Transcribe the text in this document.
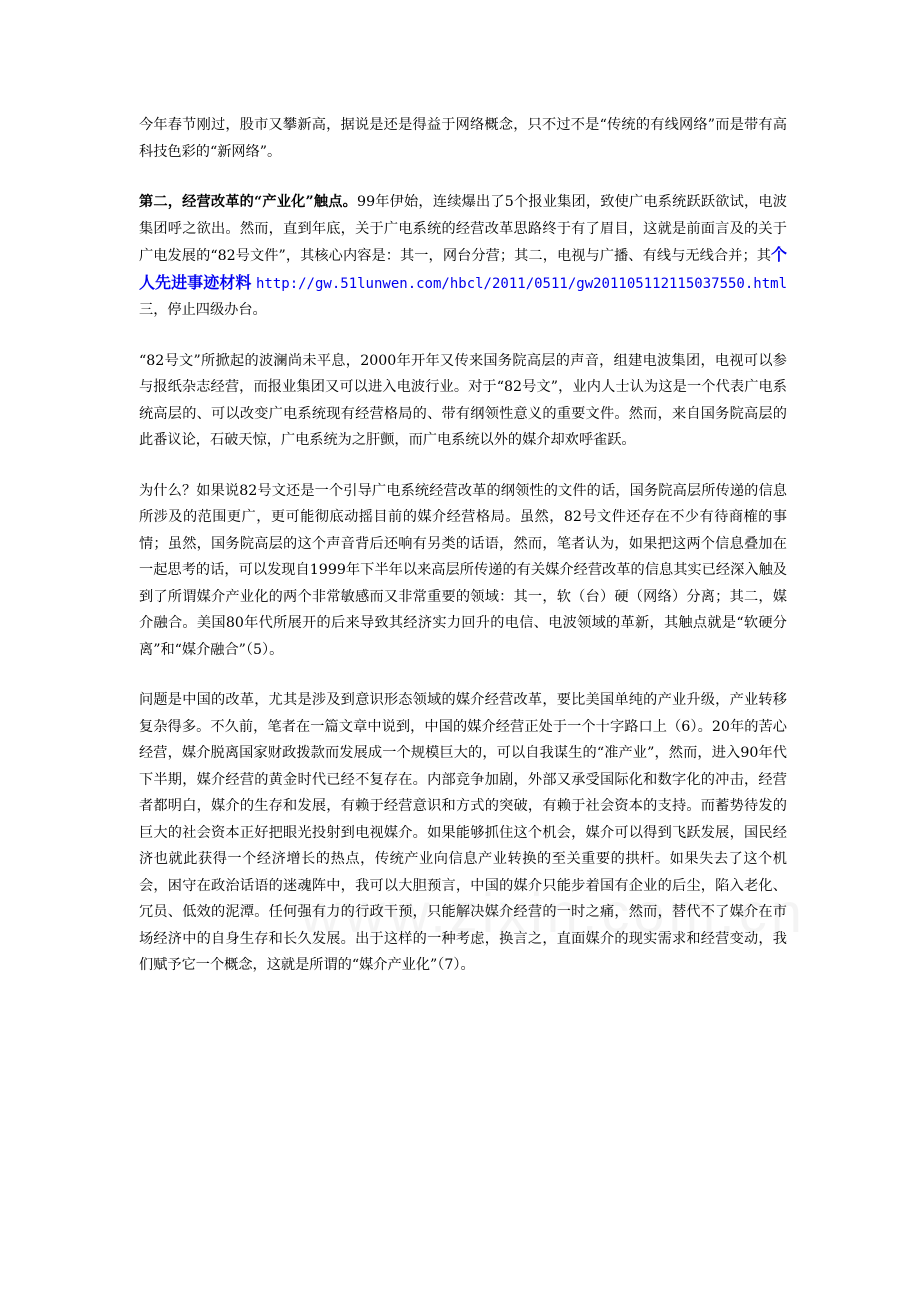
今年春节刚过，股市又攀新高，据说是还是得益于网络概念，只不过不是“传统的有线网络”而是带有高科技色彩的“新网络”。

第二，经营改革的“产业化”触点。99年伊始，连续爆出了5个报业集团，致使广电系统跃跃欲试，电波集团呼之欲出。然而，直到年底，关于广电系统的经营改革思路终于有了眉目，这就是前面言及的关于广电发展的“82号文件”，其核心内容是：其一，网台分营；其二，电视与广播、有线与无线合并；其个人先进事迹材料 http://gw.51lunwen.com/hbcl/2011/0511/gw201105112115037550.html三，停止四级办台。

“82号文”所掀起的波澜尚未平息，2000年开年又传来国务院高层的声音，组建电波集团，电视可以参与报纸杂志经营，而报业集团又可以进入电波行业。对于“82号文”，业内人士认为这是一个代表广电系统高层的、可以改变广电系统现有经营格局的、带有纲领性意义的重要文件。然而，来自国务院高层的此番议论，石破天惊，广电系统为之肝颤，而广电系统以外的媒介却欢呼雀跃。

为什么？如果说82号文还是一个引导广电系统经营改革的纲领性的文件的话，国务院高层所传递的信息所涉及的范围更广，更可能彻底动摇目前的媒介经营格局。虽然，82号文件还存在不少有待商榷的事情；虽然，国务院高层的这个声音背后还响有另类的话语，然而，笔者认为，如果把这两个信息叠加在一起思考的话，可以发现自1999年下半年以来高层所传递的有关媒介经营改革的信息其实已经深入触及到了所谓媒介产业化的两个非常敏感而又非常重要的领域：其一，软（台）硬（网络）分离；其二，媒介融合。美国80年代所展开的后来导致其经济实力回升的电信、电波领域的革新，其触点就是“软硬分离”和“媒介融合”（5）。

问题是中国的改革，尤其是涉及到意识形态领域的媒介经营改革，要比美国单纯的产业升级，产业转移复杂得多。不久前，笔者在一篇文章中说到，中国的媒介经营正处于一个十字路口上（6）。20年的苦心经营，媒介脱离国家财政拨款而发展成一个规模巨大的，可以自我谋生的“准产业”，然而，进入90年代下半期，媒介经营的黄金时代已经不复存在。内部竞争加剧，外部又承受国际化和数字化的冲击，经营者都明白，媒介的生存和发展，有赖于经营意识和方式的突破，有赖于社会资本的支持。而蓄势待发的巨大的社会资本正好把眼光投射到电视媒介。如果能够抓住这个机会，媒介可以得到飞跃发展，国民经济也就此获得一个经济增长的热点，传统产业向信息产业转换的至关重要的拱杆。如果失去了这个机会，困守在政治话语的迷魂阵中，我可以大胆预言，中国的媒介只能步着国有企业的后尘，陷入老化、冗员、低效的泥潭。任何强有力的行政干预，只能解决媒介经营的一时之痛，然而，替代不了媒介在市场经济中的自身生存和长久发展。出于这样的一种考虑，换言之，直面媒介的现实需求和经营变动，我们赋予它一个概念，这就是所谓的“媒介产业化”（7）。
